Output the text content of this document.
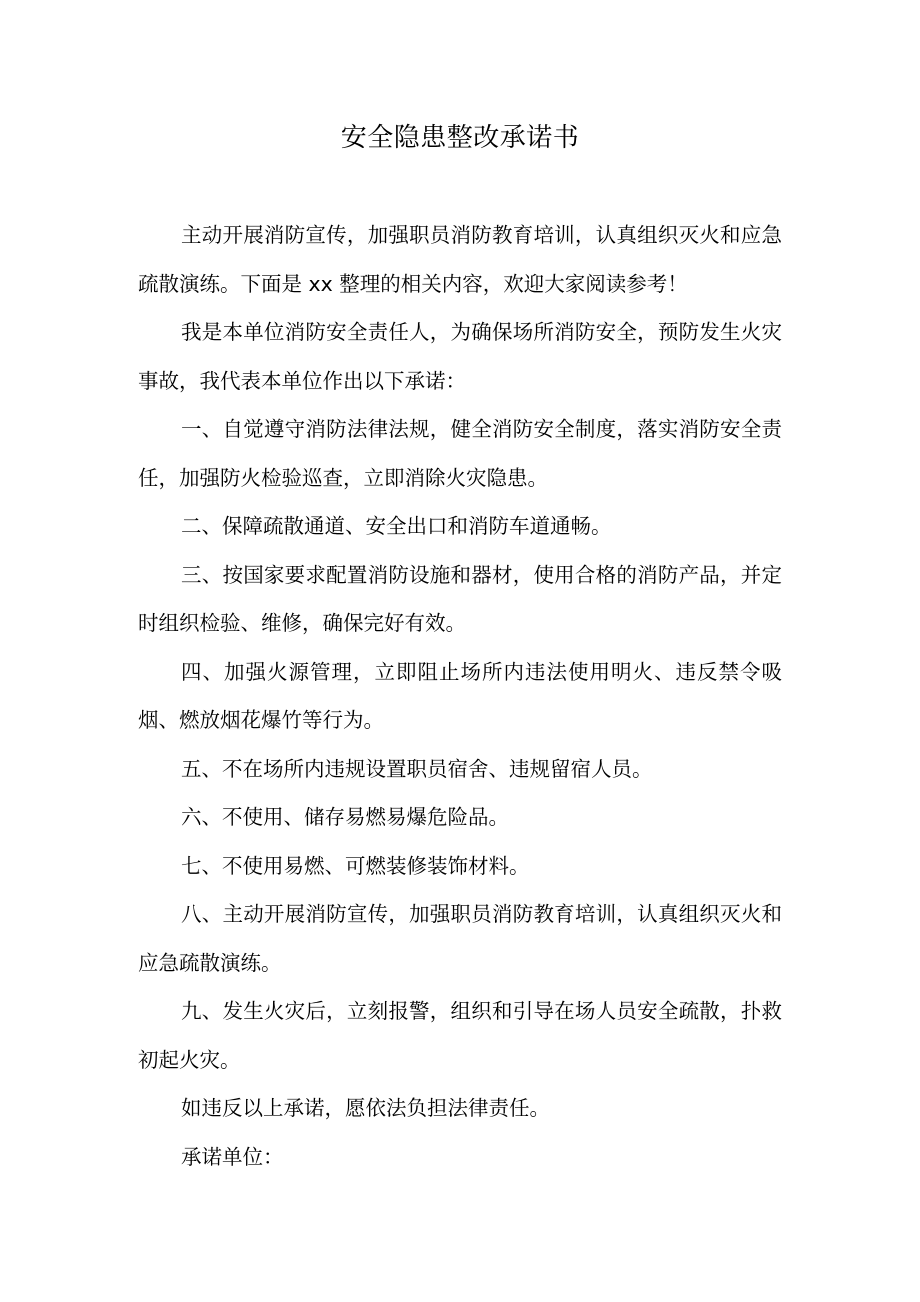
安全隐患整改承诺书

主动开展消防宣传，加强职员消防教育培训，认真组织灭火和应急疏散演练。下面是 xx 整理的相关内容，欢迎大家阅读参考！

我是本单位消防安全责任人，为确保场所消防安全，预防发生火灾事故，我代表本单位作出以下承诺：

一、自觉遵守消防法律法规，健全消防安全制度，落实消防安全责任，加强防火检验巡查，立即消除火灾隐患。

二、保障疏散通道、安全出口和消防车道通畅。

三、按国家要求配置消防设施和器材，使用合格的消防产品，并定时组织检验、维修，确保完好有效。

四、加强火源管理，立即阻止场所内违法使用明火、违反禁令吸烟、燃放烟花爆竹等行为。

五、不在场所内违规设置职员宿舍、违规留宿人员。

六、不使用、储存易燃易爆危险品。

七、不使用易燃、可燃装修装饰材料。

八、主动开展消防宣传，加强职员消防教育培训，认真组织灭火和应急疏散演练。

九、发生火灾后，立刻报警，组织和引导在场人员安全疏散，扑救初起火灾。

如违反以上承诺，愿依法负担法律责任。

承诺单位：
